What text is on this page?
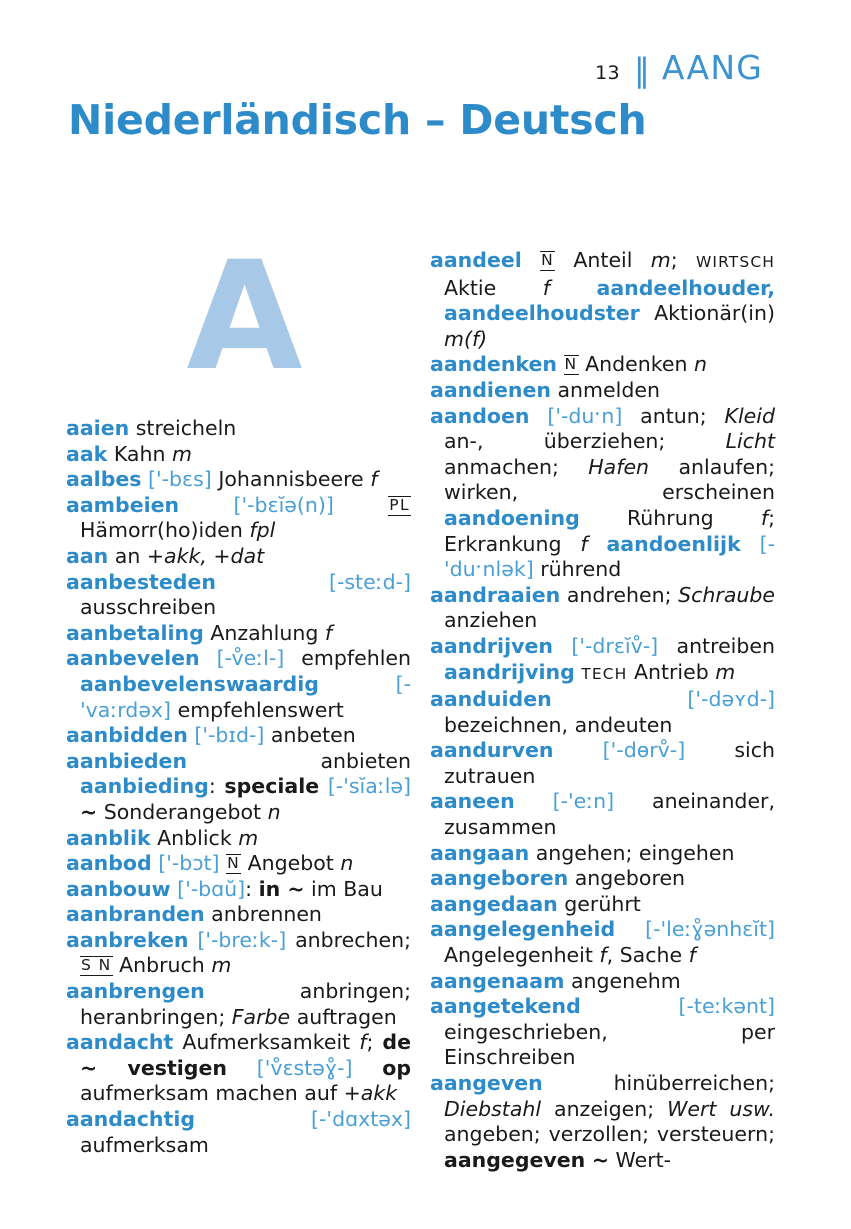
13 ‖ AANG
Niederländisch – Deutsch
A

aaien streicheln

aak Kahn m

aalbes ['-bɛs] Johannisbeere f

aambeien ['-bɛĭə(n)]	PL Hämorr(ho)iden fpl

aan an +akk, +dat

aanbesteden [-steːd-] ausschreiben

aanbetaling Anzahlung f

aanbevelen [-v̊eːl-] empfehlen aanbevelenswaardig [-'vaːrdəx] empfehlenswert

aanbidden ['-bɪd-] anbeten

aanbieden anbieten aanbieding: speciale [-'sĭaːlə] ~ Sonderangebot n

aanblik Anblick m

aanbod ['-bɔt] N Angebot n

aanbouw ['-bɑŭ]: in ~ im Bau

aanbranden anbrennen

aanbreken ['-breːk-] anbrechen; S N Anbruch m

aanbrengen anbringen; heranbringen; Farbe auftragen

aandacht Aufmerksamkeit f; de ~ vestigen ['v̊ɛstəɣ̊-] op aufmerksam machen auf +akk

aandachtig [-'dɑxtəx] aufmerksam

aandeel N Anteil m; WIRTSCH Aktie f aandeelhouder, aandeelhoudster Aktionär(in) m(f)

aandenken N Andenken n

aandienen anmelden

aandoen ['-duˑn] antun; Kleid an-, überziehen; Licht anmachen; Hafen anlaufen; wirken, erscheinen aandoening Rührung f; Erkrankung f aandoenlijk [-'duˑnlək] rührend

aandraaien andrehen; Schraube anziehen

aandrijven ['-drɛĭv̊-] antreiben aandrijving TECH Antrieb m

aanduiden ['-dəʏd-] bezeichnen, andeuten

aandurven ['-dɵrv̊-] sich zutrauen

aaneen [-'eːn] aneinander, zusammen

aangaan angehen; eingehen

aangeboren angeboren

aangedaan gerührt

aangelegenheid [-'leːɣ̊ənhɛĭt] Angelegenheit f, Sache f

aangenaam angenehm

aangetekend [-teːkənt] eingeschrieben, per Einschreiben

aangeven hinüberreichen; Diebstahl anzeigen; Wert usw. angeben; verzollen; versteuern; aangegeven ~ Wert-
